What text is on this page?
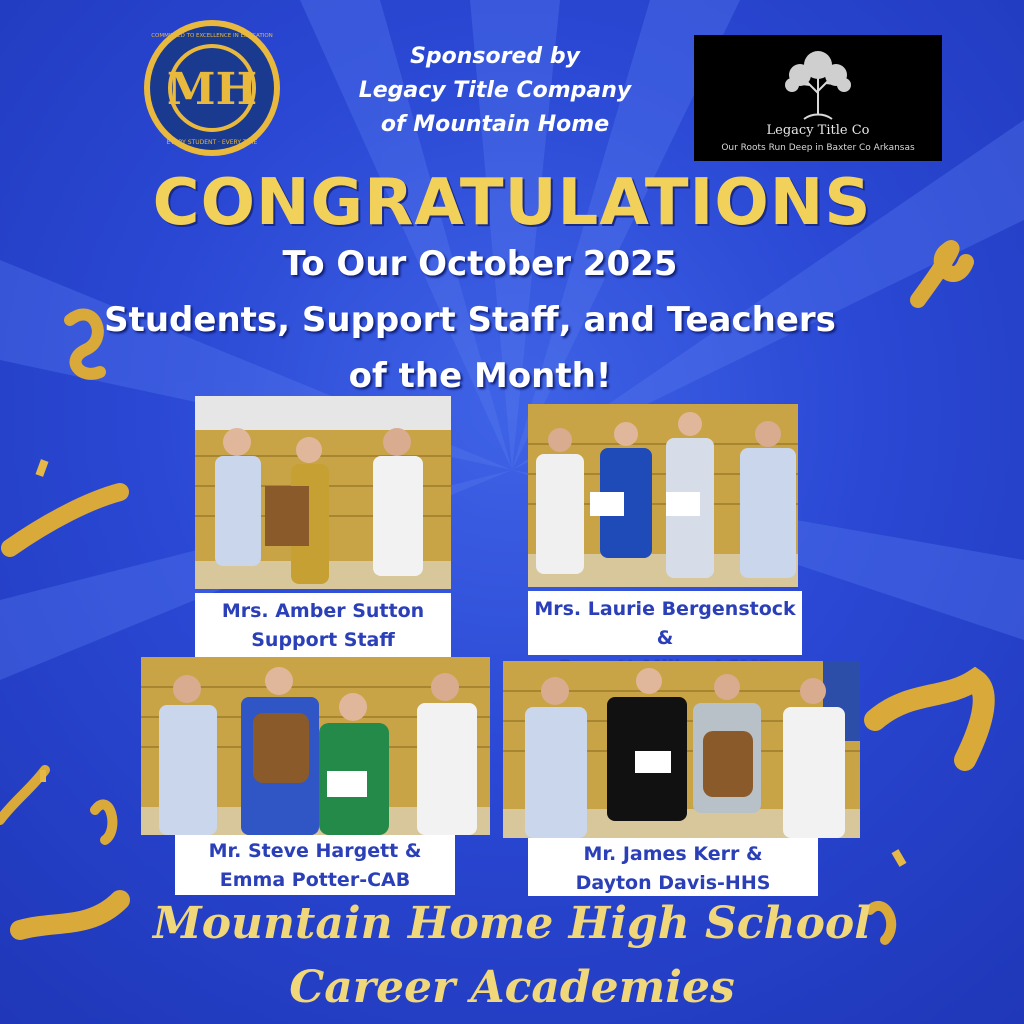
MH
COMMITTED TO EXCELLENCE IN EDUCATION
EVERY STUDENT · EVERY TIME
Sponsored by
Legacy Title Company
of Mountain Home	Legacy Title Co
Our Roots Run Deep in Baxter Co Arkansas
CONGRATULATIONS
To Our October 2025
Students, Support Staff, and Teachers
of the Month!
Mrs. Amber Sutton
Support Staff
Mrs. Laurie Bergenstock &
Mr. Steve Hargett &
Emma Potter-CAB
Mr. James Kerr &
Dayton Davis-HHS
Mountain Home High School
Career Academies
